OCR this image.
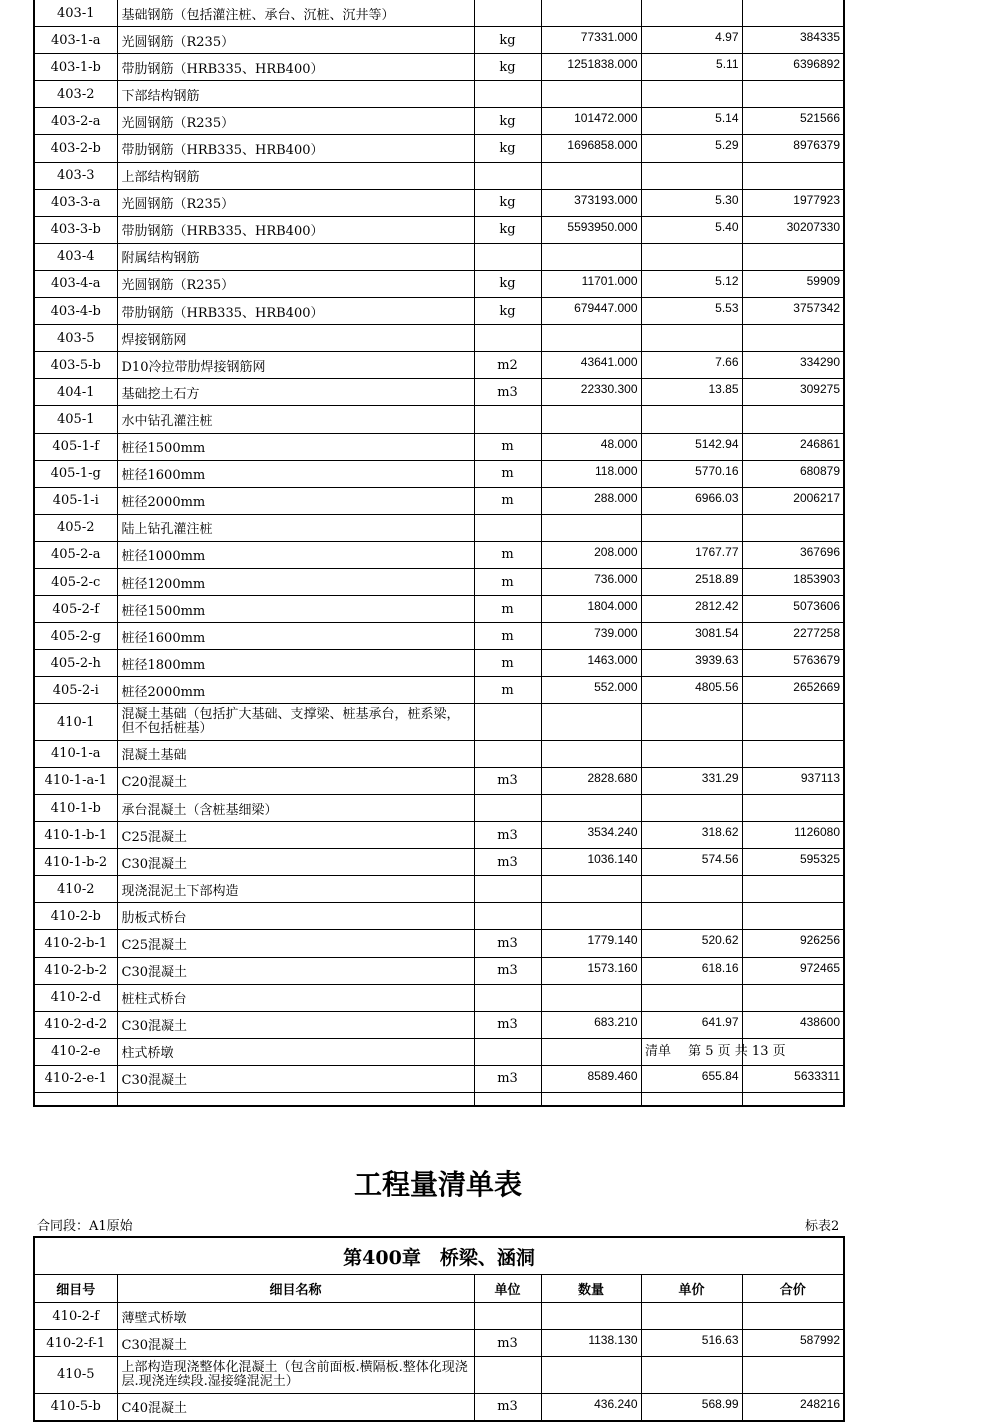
403-1	基础钢筋（包括灌注桩、承台、沉桩、沉井等）				
403-1-a	光圆钢筋（R235）	kg	77331.000	4.97	384335
403-1-b	带肋钢筋（HRB335、HRB400）	kg	1251838.000	5.11	6396892
403-2	下部结构钢筋				
403-2-a	光圆钢筋（R235）	kg	101472.000	5.14	521566
403-2-b	带肋钢筋（HRB335、HRB400）	kg	1696858.000	5.29	8976379
403-3	上部结构钢筋				
403-3-a	光圆钢筋（R235）	kg	373193.000	5.30	1977923
403-3-b	带肋钢筋（HRB335、HRB400）	kg	5593950.000	5.40	30207330
403-4	附属结构钢筋				
403-4-a	光圆钢筋（R235）	kg	11701.000	5.12	59909
403-4-b	带肋钢筋（HRB335、HRB400）	kg	679447.000	5.53	3757342
403-5	焊接钢筋网				
403-5-b	D10冷拉带肋焊接钢筋网	m2	43641.000	7.66	334290
404-1	基础挖土石方	m3	22330.300	13.85	309275
405-1	水中钻孔灌注桩				
405-1-f	桩径1500mm	m	48.000	5142.94	246861
405-1-g	桩径1600mm	m	118.000	5770.16	680879
405-1-i	桩径2000mm	m	288.000	6966.03	2006217
405-2	陆上钻孔灌注桩				
405-2-a	桩径1000mm	m	208.000	1767.77	367696
405-2-c	桩径1200mm	m	736.000	2518.89	1853903
405-2-f	桩径1500mm	m	1804.000	2812.42	5073606
405-2-g	桩径1600mm	m	739.000	3081.54	2277258
405-2-h	桩径1800mm	m	1463.000	3939.63	5763679
405-2-i	桩径2000mm	m	552.000	4805.56	2652669
410-1	混凝土基础（包括扩大基础、支撑梁、桩基承台，桩系梁，但不包括桩基）				
410-1-a	混凝土基础				
410-1-a-1	C20混凝土	m3	2828.680	331.29	937113
410-1-b	承台混凝土（含桩基细梁）				
410-1-b-1	C25混凝土	m3	3534.240	318.62	1126080
410-1-b-2	C30混凝土	m3	1036.140	574.56	595325
410-2	现浇混泥土下部构造				
410-2-b	肋板式桥台				
410-2-b-1	C25混凝土	m3	1779.140	520.62	926256
410-2-b-2	C30混凝土	m3	1573.160	618.16	972465
410-2-d	桩柱式桥台				
410-2-d-2	C30混凝土	m3	683.210	641.97	438600
410-2-e	柱式桥墩				
410-2-e-1	C30混凝土	m3	8589.460	655.84	5633311

清单　 第 5 页 共 13 页
工程量清单表
合同段：A1原始	标表2
第400章　桥梁、涵洞					
细目号	细目名称	单位	数量	单价	合价
410-2-f	薄壁式桥墩				
410-2-f-1	C30混凝土	m3	1138.130	516.63	587992
410-5	上部构造现浇整体化混凝土（包含前面板.横隔板.整体化现浇层.现浇连续段.湿接缝混泥土）				
410-5-b	C40混凝土	m3	436.240	568.99	248216
